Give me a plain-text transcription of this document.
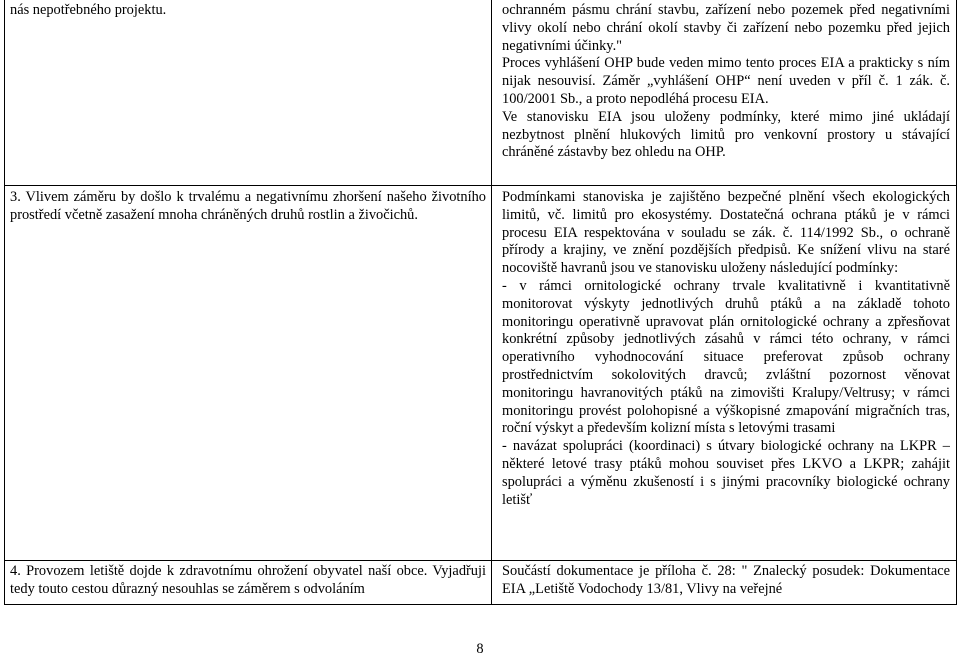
nás nepotřebného projektu.	ochranném pásmu chrání stavbu, zařízení nebo pozemek před negativními vlivy okolí nebo chrání okolí stavby či zařízení nebo pozemku před jejich negativními účinky."

Proces vyhlášení OHP bude veden mimo tento proces EIA a prakticky s ním nijak nesouvisí. Záměr „vyhlášení OHP“ není uveden v příl č. 1 zák. č. 100/2001 Sb., a proto nepodléhá procesu EIA.

Ve stanovisku EIA jsou uloženy podmínky, které mimo jiné ukládají nezbytnost plnění hlukových limitů pro venkovní prostory u stávající chráněné zástavby bez ohledu na OHP.

3. Vlivem záměru by došlo k trvalému a negativnímu zhoršení našeho životního prostředí včetně zasažení mnoha chráněných druhů rostlin a živočichů.

Podmínkami stanoviska je zajištěno bezpečné plnění všech ekologických limitů, vč. limitů pro ekosystémy. Dostatečná ochrana ptáků je v rámci procesu EIA respektována v souladu se zák. č. 114/1992 Sb., o ochraně přírody a krajiny, ve znění pozdějších předpisů. Ke snížení vlivu na staré nocoviště havranů jsou ve stanovisku uloženy následující podmínky:

- v rámci ornitologické ochrany trvale kvalitativně i kvantitativně monitorovat výskyty jednotlivých druhů ptáků a na základě tohoto monitoringu operativně upravovat plán ornitologické ochrany a zpřesňovat konkrétní způsoby jednotlivých zásahů v rámci této ochrany, v rámci operativního vyhodnocování situace preferovat způsob ochrany prostřednictvím sokolovitých dravců; zvláštní pozornost věnovat monitoringu havranovitých ptáků na zimovišti Kralupy/Veltrusy; v rámci monitoringu provést polohopisné a výškopisné zmapování migračních tras, roční výskyt a především kolizní místa s letovými trasami

- navázat spolupráci (koordinaci) s útvary biologické ochrany na LKPR – některé letové trasy ptáků mohou souviset přes LKVO a LKPR; zahájit spolupráci a výměnu zkušeností i s jinými pracovníky biologické ochrany letišť

4. Provozem letiště dojde k zdravotnímu ohrožení obyvatel naší obce. Vyjadřuji tedy touto cestou důrazný nesouhlas se záměrem s odvoláním

Součástí dokumentace je příloha č. 28: " Znalecký posudek: Dokumentace EIA „Letiště Vodochody 13/81, Vlivy na veřejné

8
